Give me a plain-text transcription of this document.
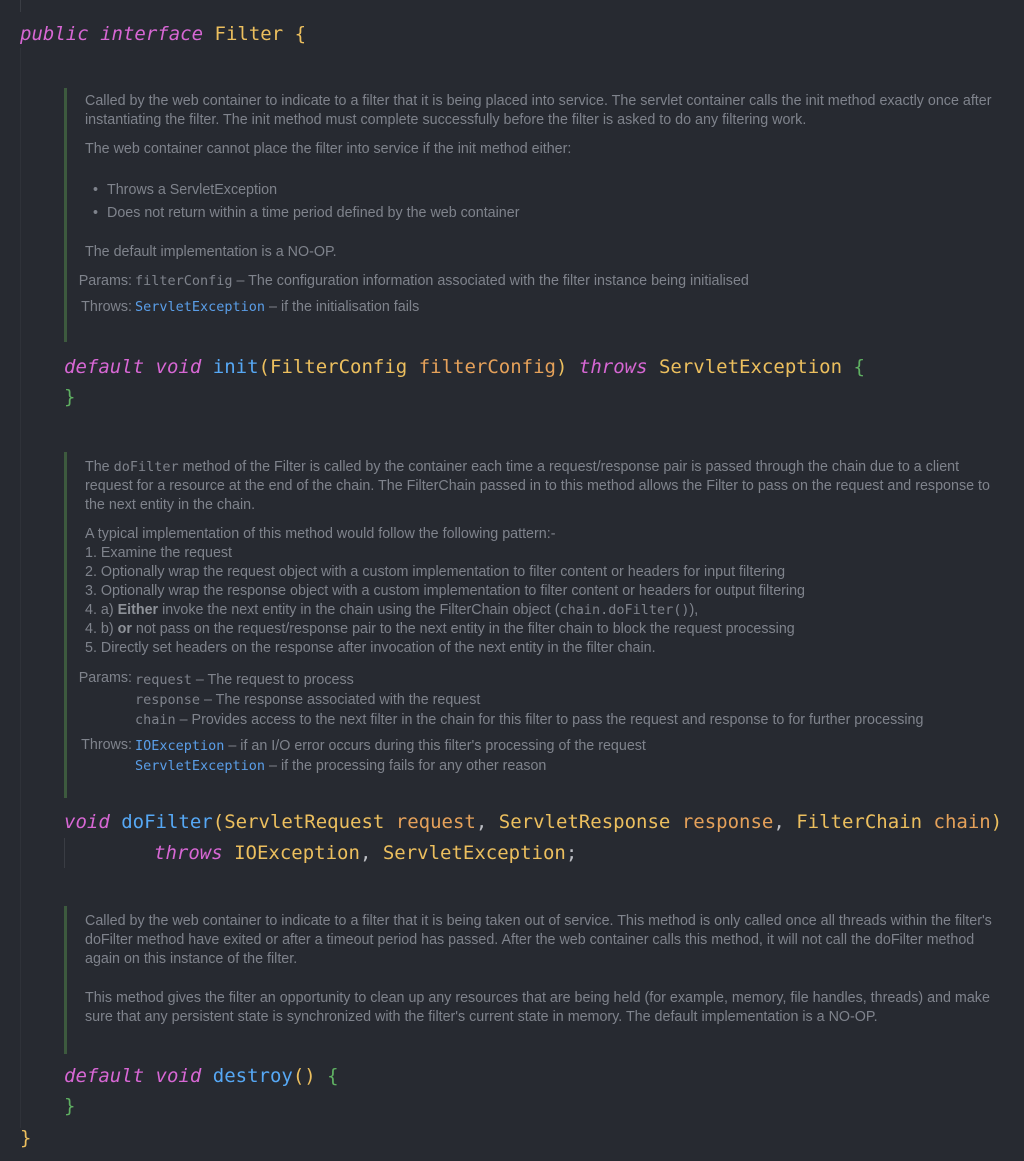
public interface Filter {

Called by the web container to indicate to a filter that it is being placed into service. The servlet container calls the init method exactly once after instantiating the filter. The init method must complete successfully before the filter is asked to do any filtering work.

The web container cannot place the filter into service if the init method either:

• Throws a ServletException
• Does not return within a time period defined by the web container

The default implementation is a NO-OP.

Params: filterConfig – The configuration information associated with the filter instance being initialised
Throws: ServletException – if the initialisation fails
default void init(FilterConfig filterConfig) throws ServletException {
}

The doFilter method of the Filter is called by the container each time a request/response pair is passed through the chain due to a client request for a resource at the end of the chain. The FilterChain passed in to this method allows the Filter to pass on the request and response to the next entity in the chain.

A typical implementation of this method would follow the following pattern:-

1. Examine the request

2. Optionally wrap the request object with a custom implementation to filter content or headers for input filtering

3. Optionally wrap the response object with a custom implementation to filter content or headers for output filtering

4. a) Either invoke the next entity in the chain using the FilterChain object (chain.doFilter()),

4. b) or not pass on the request/response pair to the next entity in the filter chain to block the request processing

5. Directly set headers on the response after invocation of the next entity in the filter chain.

Params: request – The request to process
response – The response associated with the request
chain – Provides access to the next filter in the chain for this filter to pass the request and response to for further processing
Throws: IOException – if an I/O error occurs during this filter's processing of the request
ServletException – if the processing fails for any other reason
void doFilter(ServletRequest request, ServletResponse response, FilterChain chain)
throws IOException, ServletException;

Called by the web container to indicate to a filter that it is being taken out of service. This method is only called once all threads within the filter's doFilter method have exited or after a timeout period has passed. After the web container calls this method, it will not call the doFilter method again on this instance of the filter.

This method gives the filter an opportunity to clean up any resources that are being held (for example, memory, file handles, threads) and make sure that any persistent state is synchronized with the filter's current state in memory. The default implementation is a NO-OP.

default void destroy() {
}
}
